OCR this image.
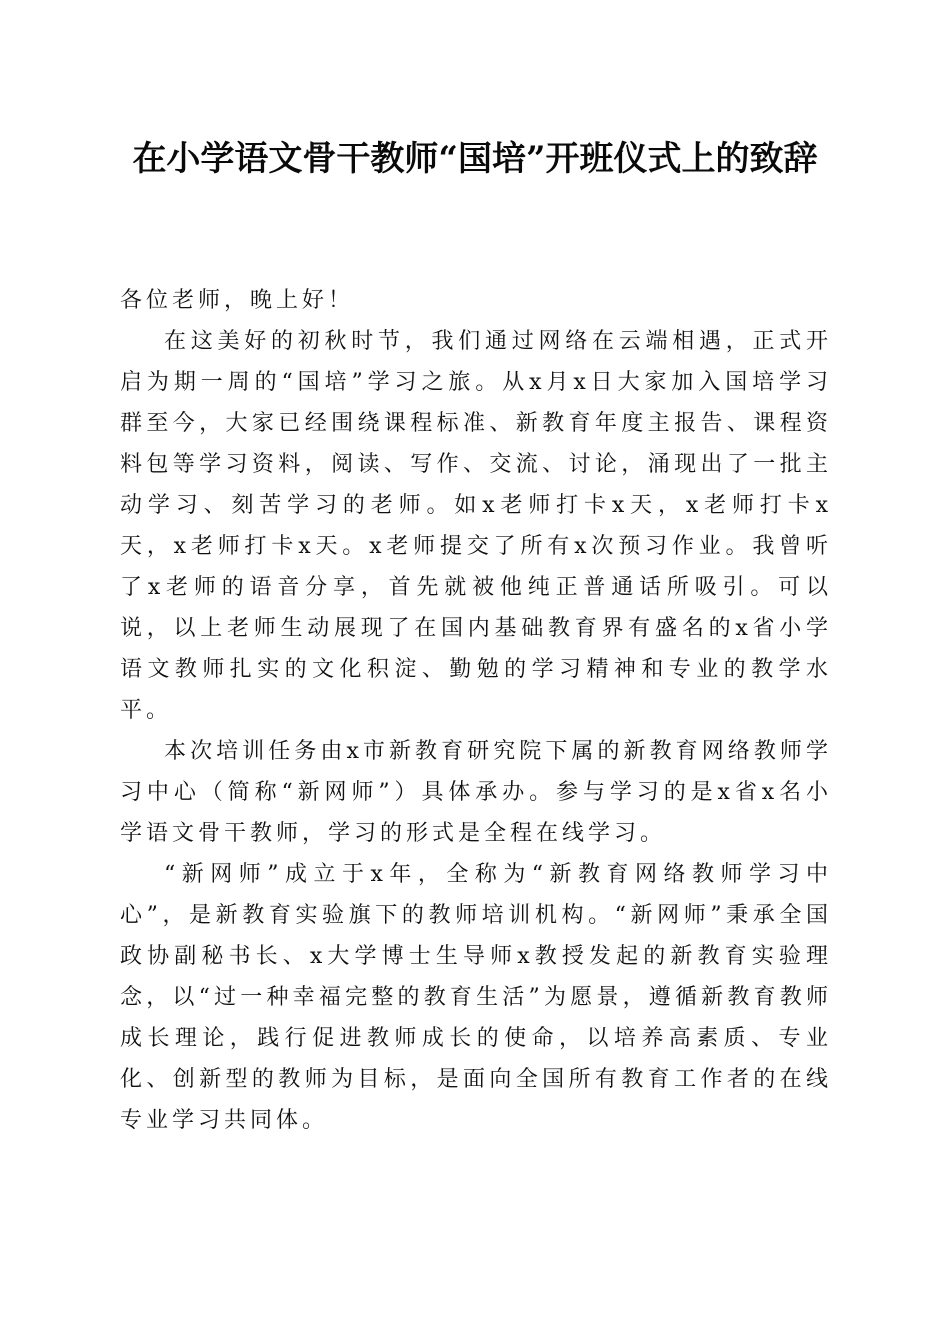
在小学语文骨干教师“国培”开班仪式上的致辞

各位老师，晚上好！

在这美好的初秋时节，我们通过网络在云端相遇，正式开启为期一周的“国培”学习之旅。从x月x日大家加入国培学习群至今，大家已经围绕课程标准、新教育年度主报告、课程资料包等学习资料，阅读、写作、交流、讨论，涌现出了一批主动学习、刻苦学习的老师。如x老师打卡x天，x老师打卡x天，x老师打卡x天。x老师提交了所有x次预习作业。我曾听了x老师的语音分享，首先就被他纯正普通话所吸引。可以说，以上老师生动展现了在国内基础教育界有盛名的x省小学语文教师扎实的文化积淀、勤勉的学习精神和专业的教学水平。

本次培训任务由x市新教育研究院下属的新教育网络教师学习中心（简称“新网师”）具体承办。参与学习的是x省x名小学语文骨干教师，学习的形式是全程在线学习。

“新网师”成立于x年，全称为“新教育网络教师学习中心”，是新教育实验旗下的教师培训机构。“新网师”秉承全国政协副秘书长、x大学博士生导师x教授发起的新教育实验理念，以“过一种幸福完整的教育生活”为愿景，遵循新教育教师成长理论，践行促进教师成长的使命，以培养高素质、专业化、创新型的教师为目标，是面向全国所有教育工作者的在线专业学习共同体。
